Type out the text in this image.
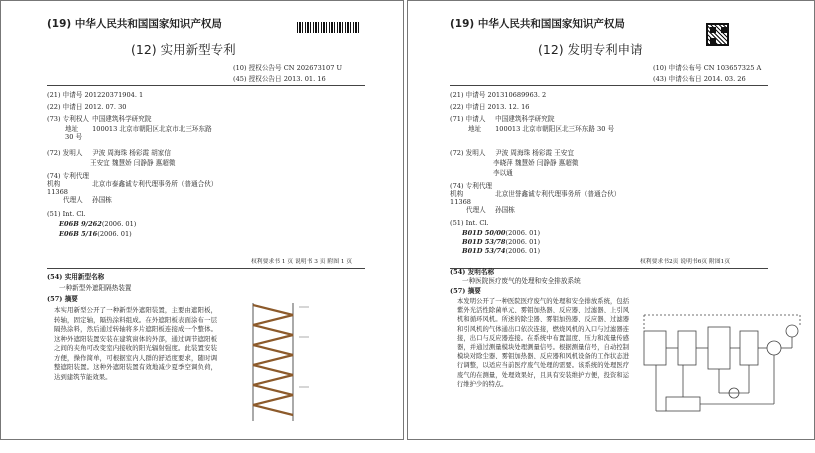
(19) 中华人民共和国国家知识产权局
(12) 实用新型专利
(10) 授权公告号 CN 202673107 U
(45) 授权公告日 2013. 01. 16
(21) 申请号 201220371904. 1
(22) 申请日 2012. 07. 30
(73) 专利权人 中国建筑科学研究院
地址 100013 北京市朝阳区北京市北三环东路 30 号
(72) 发明人 尹波 周海珠 杨彩霞 胡家信
王安宜 魏慧娇 闫静静 惠超微
(74) 专利代理机构	北京市泰鑫诚专利代理事务所（普通合伙）11368
代理人 孙国栋
(51) Int. Cl.
E06B 9/262(2006. 01)
E06B 5/16(2006. 01)
权利要求书 1 页 说明书 3 页 附图 1 页
(54) 实用新型名称
一种新型外遮阳隔热装置
(57) 摘要
本实用新型公开了一种新型外遮阳装置，主要由遮阳板，转轴，固定轴，隔热涂料组成。在外遮阳板表面涂布一层隔热涂料，然后通过转轴将多片遮阳板连接成一个整体。这种外遮阳装置安装在建筑窗体的外部，通过调节遮阳板之间的夹角可改变室内接收的阳光辐射强度。此装置安装方便，操作简单，可根据室内人群的舒适度要求，随时调整遮阳装置。这种外遮阳装置有效地减少夏季空调负荷，达到建筑节能效果。
(19) 中华人民共和国国家知识产权局
(12) 发明专利申请
(10) 申请公布号 CN 103657325 A
(43) 申请公布日 2014. 03. 26
(21) 申请号 201310689963. 2
(22) 申请日 2013. 12. 16
(71) 申请人 中国建筑科学研究院
地址 100013 北京市朝阳区北三环东路 30 号
(72) 发明人 尹波 周海珠 杨彩霞 王安宜
李晓萍 魏慧娇 闫静静 惠超微
李以通
(74) 专利代理机构	北京世誉鑫诚专利代理事务所（普通合伙）11368
代理人 孙国栋
(51) Int. Cl.
B01D 50/00(2006. 01)
B01D 53/78(2006. 01)
B01D 53/74(2006. 01)
权利要求书2页 说明书6页 附图1页
(54) 发明名称
一种医院医疗废气的处理和安全排放系统
(57) 摘要
本发明公开了一种医院医疗废气的处理和安全排放系统，包括紫外光活性除菌单元、雾钼加热器、反应器、过滤器、上引风机和循环风机。所述的除尘器、雾钼加热器、反应器、过滤器和引风机的气体通出口依次连接，燃烧风机的入口与过滤器连接，出口与反应器连接。在系统中布置温度、压力和流量传感器，并通过测量模块处理测量信号。根据测量信号，自动控制模块对除尘器、雾钼加热器、反应器和风机设备的工作状态进行调整，以适应当前医疗废气处理的需要。该系统的处理医疗废气的在测量，处理效果好，且具有安装维护方便，投资和运行维护少的特点。
